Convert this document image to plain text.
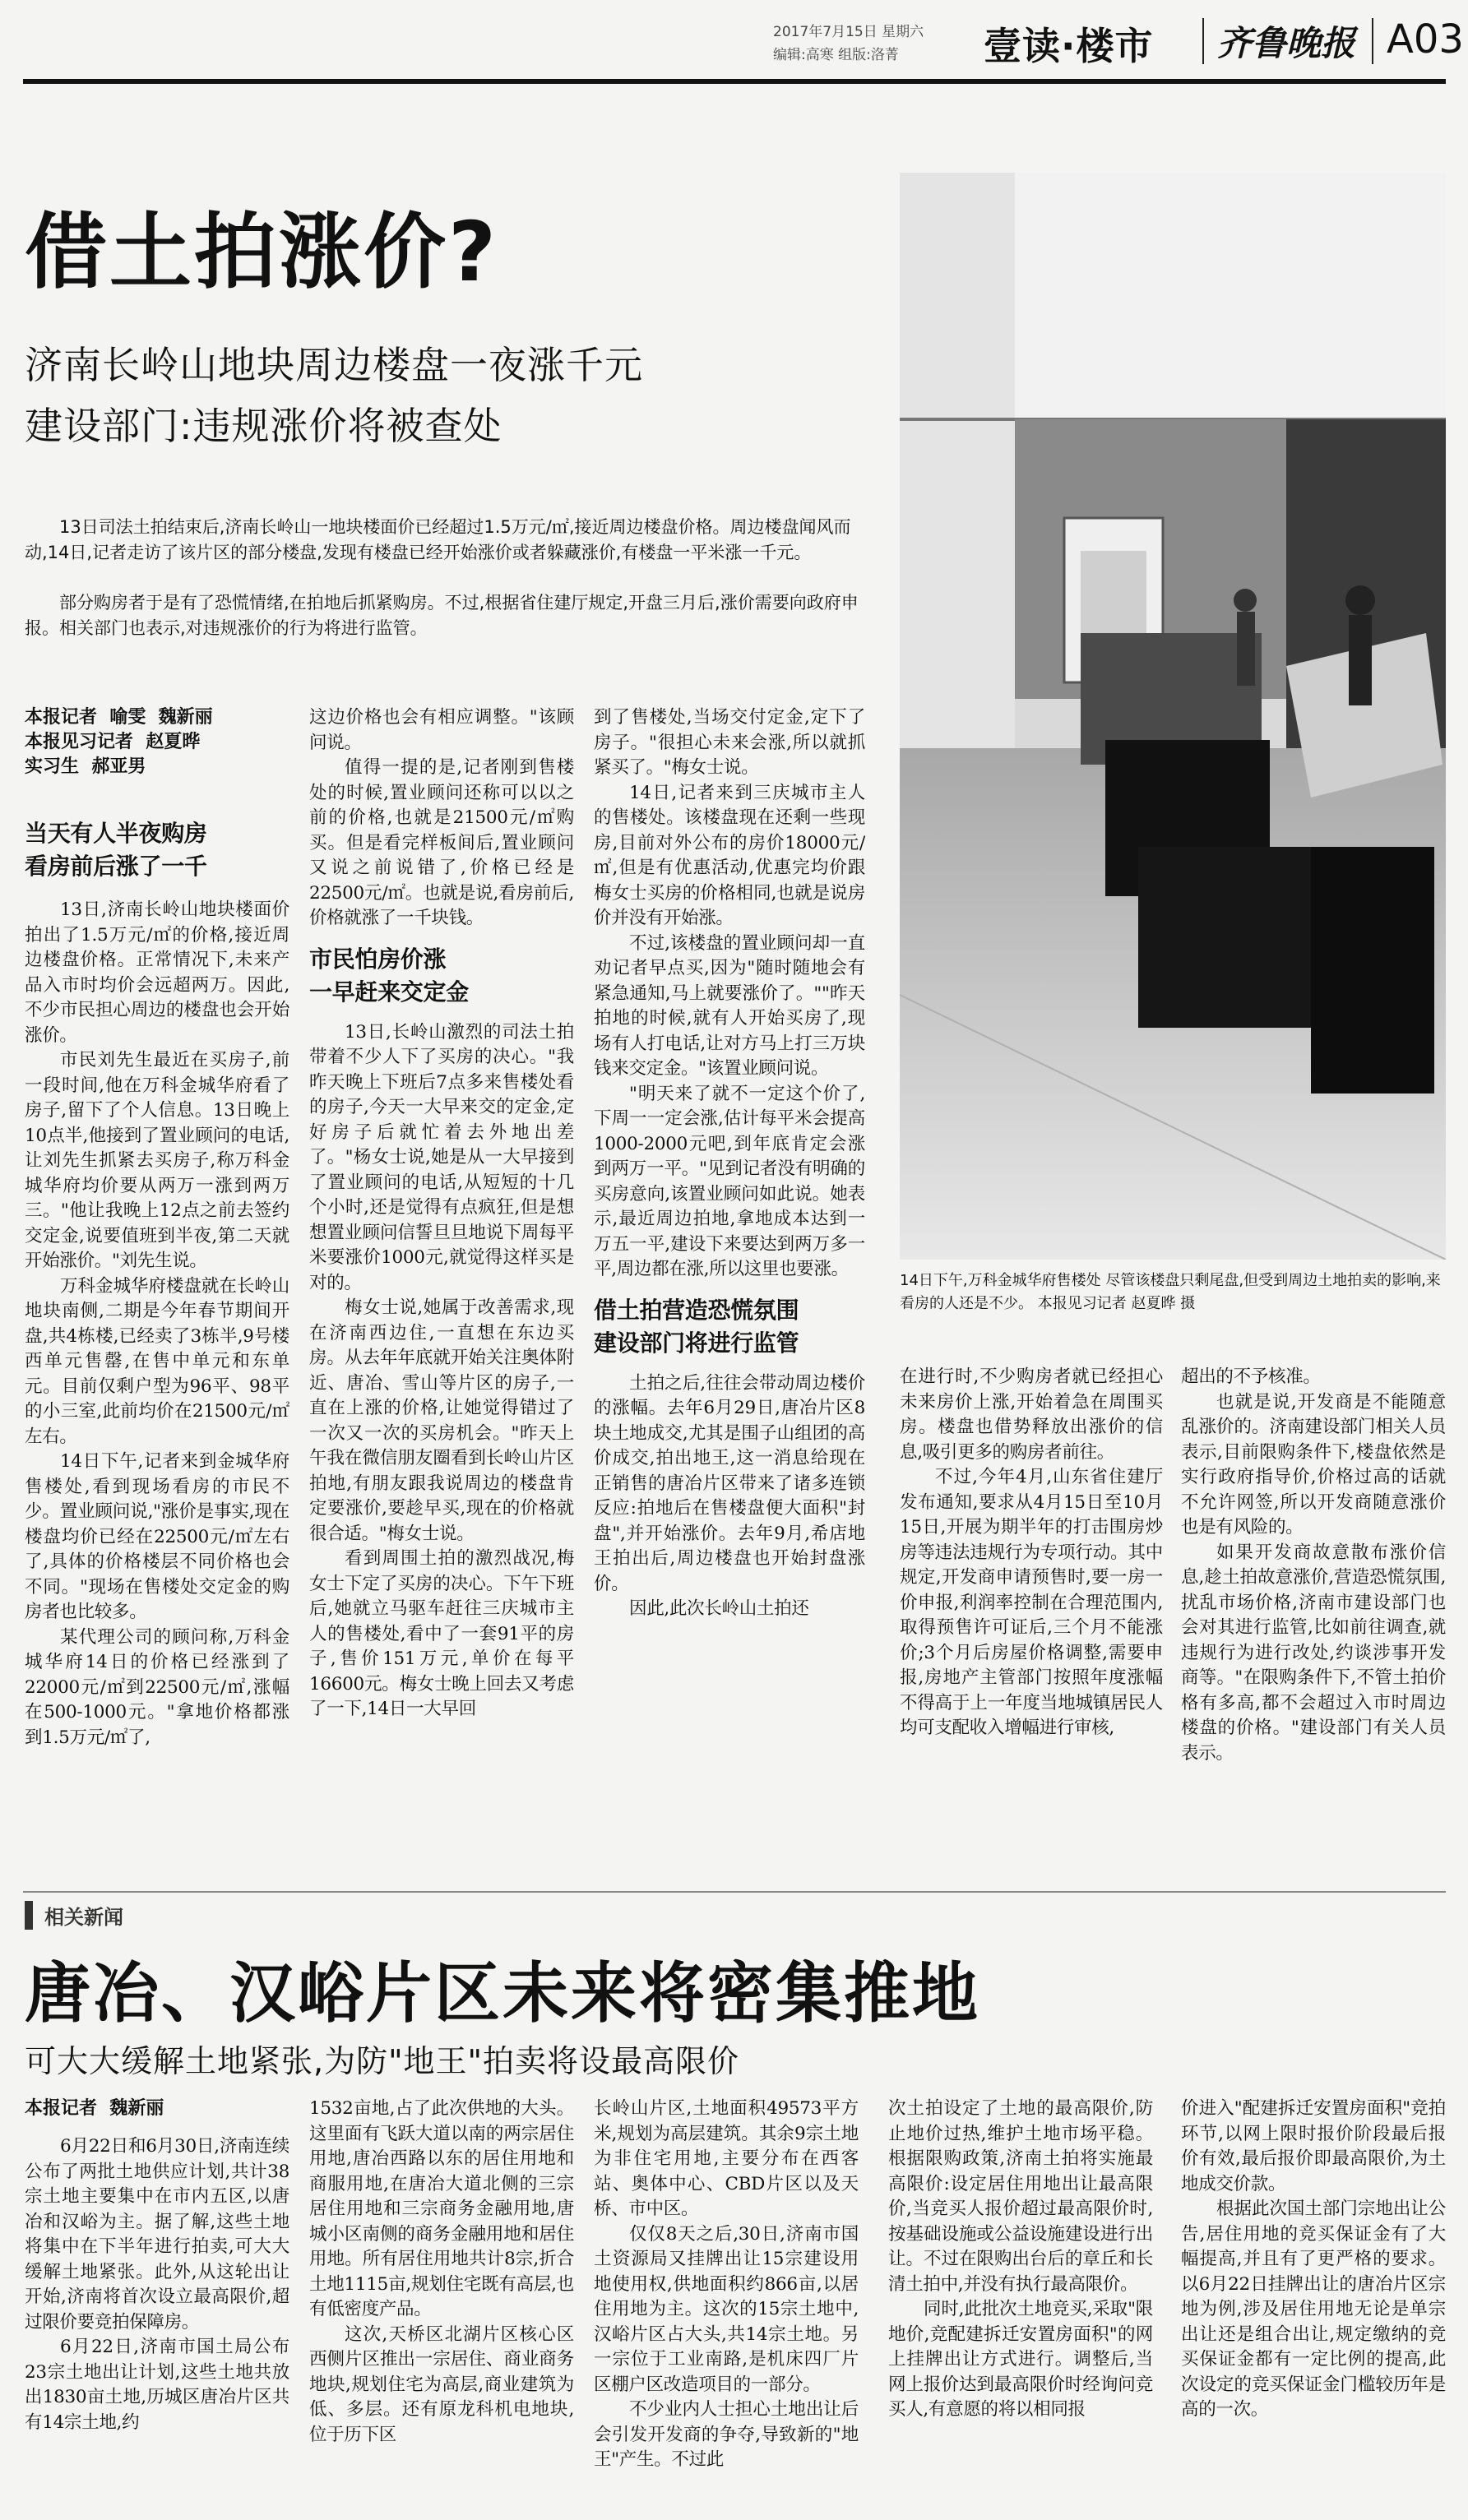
2017年7月15日 星期六
编辑:高寒 组版:洛菁 壹读·楼市 齐鲁晚报 A03
借土拍涨价?
济南长岭山地块周边楼盘一夜涨千元
建设部门:违规涨价将被查处
13日司法土拍结束后,济南长岭山一地块楼面价已经超过1.5万元/㎡,接近周边楼盘价格。周边楼盘闻风而动,14日,记者走访了该片区的部分楼盘,发现有楼盘已经开始涨价或者躲藏涨价,有楼盘一平米涨一千元。
部分购房者于是有了恐慌情绪,在拍地后抓紧购房。不过,根据省住建厅规定,开盘三月后,涨价需要向政府申报。相关部门也表示,对违规涨价的行为将进行监管。
14日下午,万科金城华府售楼处 尽管该楼盘只剩尾盘,但受到周边土地拍卖的影响,来看房的人还是不少。 本报见习记者 赵夏晔 摄
本报记者  喻雯  魏新丽
本报见习记者  赵夏晔
实习生  郝亚男
当天有人半夜购房
看房前后涨了一千

13日,济南长岭山地块楼面价拍出了1.5万元/㎡的价格,接近周边楼盘价格。正常情况下,未来产品入市时均价会远超两万。因此,不少市民担心周边的楼盘也会开始涨价。

市民刘先生最近在买房子,前一段时间,他在万科金城华府看了房子,留下了个人信息。13日晚上10点半,他接到了置业顾问的电话,让刘先生抓紧去买房子,称万科金城华府均价要从两万一涨到两万三。"他让我晚上12点之前去签约交定金,说要值班到半夜,第二天就开始涨价。"刘先生说。

万科金城华府楼盘就在长岭山地块南侧,二期是今年春节期间开盘,共4栋楼,已经卖了3栋半,9号楼西单元售罄,在售中单元和东单元。目前仅剩户型为96平、98平的小三室,此前均价在21500元/㎡左右。

14日下午,记者来到金城华府售楼处,看到现场看房的市民不少。置业顾问说,"涨价是事实,现在楼盘均价已经在22500元/㎡左右了,具体的价格楼层不同价格也会不同。"现场在售楼处交定金的购房者也比较多。

某代理公司的顾问称,万科金城华府14日的价格已经涨到了22000元/㎡到22500元/㎡,涨幅在500-1000元。"拿地价格都涨到1.5万元/㎡了,

这边价格也会有相应调整。"该顾问说。

值得一提的是,记者刚到售楼处的时候,置业顾问还称可以以之前的价格,也就是21500元/㎡购买。但是看完样板间后,置业顾问又说之前说错了,价格已经是22500元/㎡。也就是说,看房前后,价格就涨了一千块钱。

市民怕房价涨
一早赶来交定金

13日,长岭山激烈的司法土拍带着不少人下了买房的决心。"我昨天晚上下班后7点多来售楼处看的房子,今天一大早来交的定金,定好房子后就忙着去外地出差了。"杨女士说,她是从一大早接到了置业顾问的电话,从短短的十几个小时,还是觉得有点疯狂,但是想想置业顾问信誓旦旦地说下周每平米要涨价1000元,就觉得这样买是对的。

梅女士说,她属于改善需求,现在济南西边住,一直想在东边买房。从去年年底就开始关注奥体附近、唐冶、雪山等片区的房子,一直在上涨的价格,让她觉得错过了一次又一次的买房机会。"昨天上午我在微信朋友圈看到长岭山片区拍地,有朋友跟我说周边的楼盘肯定要涨价,要趁早买,现在的价格就很合适。"梅女士说。

看到周围土拍的激烈战况,梅女士下定了买房的决心。下午下班后,她就立马驱车赶往三庆城市主人的售楼处,看中了一套91平的房子,售价151万元,单价在每平16600元。梅女士晚上回去又考虑了一下,14日一大早回

到了售楼处,当场交付定金,定下了房子。"很担心未来会涨,所以就抓紧买了。"梅女士说。

14日,记者来到三庆城市主人的售楼处。该楼盘现在还剩一些现房,目前对外公布的房价18000元/㎡,但是有优惠活动,优惠完均价跟梅女士买房的价格相同,也就是说房价并没有开始涨。

不过,该楼盘的置业顾问却一直劝记者早点买,因为"随时随地会有紧急通知,马上就要涨价了。""昨天拍地的时候,就有人开始买房了,现场有人打电话,让对方马上打三万块钱来交定金。"该置业顾问说。

"明天来了就不一定这个价了,下周一一定会涨,估计每平米会提高1000-2000元吧,到年底肯定会涨到两万一平。"见到记者没有明确的买房意向,该置业顾问如此说。她表示,最近周边拍地,拿地成本达到一万五一平,建设下来要达到两万多一平,周边都在涨,所以这里也要涨。

借土拍营造恐慌氛围
建设部门将进行监管

土拍之后,往往会带动周边楼价的涨幅。去年6月29日,唐冶片区8块土地成交,尤其是围子山组团的高价成交,拍出地王,这一消息给现在正销售的唐冶片区带来了诸多连锁反应:拍地后在售楼盘便大面积"封盘",并开始涨价。去年9月,希店地王拍出后,周边楼盘也开始封盘涨价。

因此,此次长岭山土拍还

在进行时,不少购房者就已经担心未来房价上涨,开始着急在周围买房。楼盘也借势释放出涨价的信息,吸引更多的购房者前往。

不过,今年4月,山东省住建厅发布通知,要求从4月15日至10月15日,开展为期半年的打击围房炒房等违法违规行为专项行动。其中规定,开发商申请预售时,要一房一价申报,利润率控制在合理范围内,取得预售许可证后,三个月不能涨价;3个月后房屋价格调整,需要申报,房地产主管部门按照年度涨幅不得高于上一年度当地城镇居民人均可支配收入增幅进行审核,

超出的不予核准。

也就是说,开发商是不能随意乱涨价的。济南建设部门相关人员表示,目前限购条件下,楼盘依然是实行政府指导价,价格过高的话就不允许网签,所以开发商随意涨价也是有风险的。

如果开发商故意散布涨价信息,趁土拍故意涨价,营造恐慌氛围,扰乱市场价格,济南市建设部门也会对其进行监管,比如前往调查,就违规行为进行改处,约谈涉事开发商等。"在限购条件下,不管土拍价格有多高,都不会超过入市时周边楼盘的价格。"建设部门有关人员表示。

相关新闻
唐冶、汉峪片区未来将密集推地
可大大缓解土地紧张,为防"地王"拍卖将设最高限价
本报记者  魏新丽

6月22日和6月30日,济南连续公布了两批土地供应计划,共计38宗土地主要集中在市内五区,以唐冶和汉峪为主。据了解,这些土地将集中在下半年进行拍卖,可大大缓解土地紧张。此外,从这轮出让开始,济南将首次设立最高限价,超过限价要竞拍保障房。

6月22日,济南市国土局公布23宗土地出让计划,这些土地共放出1830亩土地,历城区唐冶片区共有14宗土地,约

1532亩地,占了此次供地的大头。这里面有飞跃大道以南的两宗居住用地,唐冶西路以东的居住用地和商服用地,在唐冶大道北侧的三宗居住用地和三宗商务金融用地,唐城小区南侧的商务金融用地和居住用地。所有居住用地共计8宗,折合土地1115亩,规划住宅既有高层,也有低密度产品。

这次,天桥区北湖片区核心区西侧片区推出一宗居住、商业商务地块,规划住宅为高层,商业建筑为低、多层。还有原龙科机电地块,位于历下区

长岭山片区,土地面积49573平方米,规划为高层建筑。其余9宗土地为非住宅用地,主要分布在西客站、奥体中心、CBD片区以及天桥、市中区。

仅仅8天之后,30日,济南市国土资源局又挂牌出让15宗建设用地使用权,供地面积约866亩,以居住用地为主。这次的15宗土地中,汉峪片区占大头,共14宗土地。另一宗位于工业南路,是机床四厂片区棚户区改造项目的一部分。

不少业内人士担心土地出让后会引发开发商的争夺,导致新的"地王"产生。不过此

次土拍设定了土地的最高限价,防止地价过热,维护土地市场平稳。根据限购政策,济南土拍将实施最高限价:设定居住用地出让最高限价,当竞买人报价超过最高限价时,按基础设施或公益设施建设进行出让。不过在限购出台后的章丘和长清土拍中,并没有执行最高限价。

同时,此批次土地竞买,采取"限地价,竞配建拆迁安置房面积"的网上挂牌出让方式进行。调整后,当网上报价达到最高限价时经询问竞买人,有意愿的将以相同报

价进入"配建拆迁安置房面积"竞拍环节,以网上限时报价阶段最后报价有效,最后报价即最高限价,为土地成交价款。

根据此次国土部门宗地出让公告,居住用地的竞买保证金有了大幅提高,并且有了更严格的要求。以6月22日挂牌出让的唐冶片区宗地为例,涉及居住用地无论是单宗出让还是组合出让,规定缴纳的竞买保证金都有一定比例的提高,此次设定的竞买保证金门槛较历年是高的一次。
